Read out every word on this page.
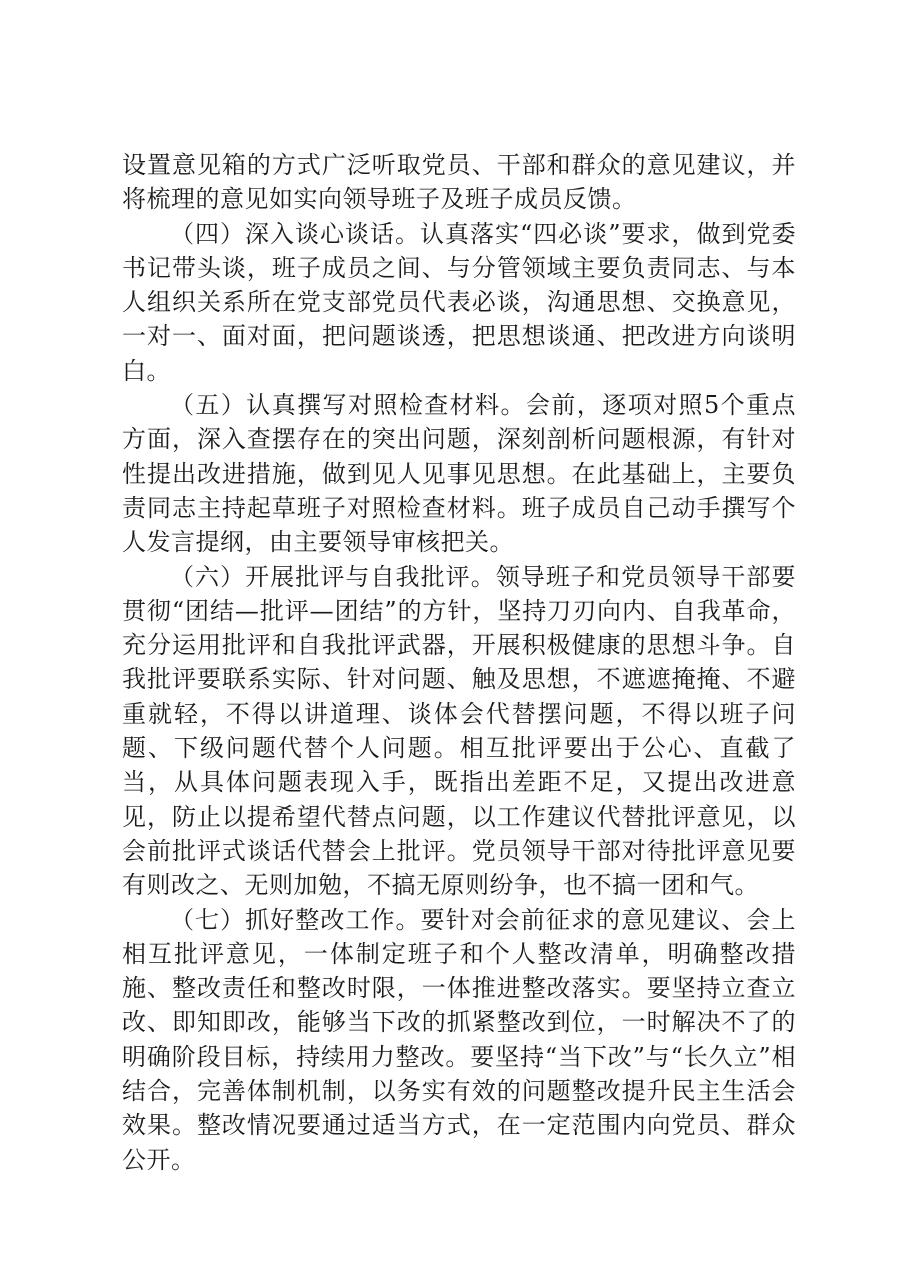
设置意见箱的方式广泛听取党员、干部和群众的意见建议，并将梳理的意见如实向领导班子及班子成员反馈。

（四）深入谈心谈话。认真落实“四必谈”要求，做到党委书记带头谈，班子成员之间、与分管领域主要负责同志、与本人组织关系所在党支部党员代表必谈，沟通思想、交换意见，一对一、面对面，把问题谈透，把思想谈通、把改进方向谈明白。

（五）认真撰写对照检查材料。会前，逐项对照5个重点方面，深入查摆存在的突出问题，深刻剖析问题根源，有针对性提出改进措施，做到见人见事见思想。在此基础上，主要负责同志主持起草班子对照检查材料。班子成员自己动手撰写个人发言提纲，由主要领导审核把关。

（六）开展批评与自我批评。领导班子和党员领导干部要贯彻“团结—批评—团结”的方针，坚持刀刃向内、自我革命，充分运用批评和自我批评武器，开展积极健康的思想斗争。自我批评要联系实际、针对问题、触及思想，不遮遮掩掩、不避重就轻，不得以讲道理、谈体会代替摆问题，不得以班子问题、下级问题代替个人问题。相互批评要出于公心、直截了当，从具体问题表现入手，既指出差距不足，又提出改进意见，防止以提希望代替点问题，以工作建议代替批评意见，以会前批评式谈话代替会上批评。党员领导干部对待批评意见要有则改之、无则加勉，不搞无原则纷争，也不搞一团和气。

（七）抓好整改工作。要针对会前征求的意见建议、会上相互批评意见，一体制定班子和个人整改清单，明确整改措施、整改责任和整改时限，一体推进整改落实。要坚持立查立改、即知即改，能够当下改的抓紧整改到位，一时解决不了的明确阶段目标，持续用力整改。要坚持“当下改”与“长久立”相结合，完善体制机制，以务实有效的问题整改提升民主生活会效果。整改情况要通过适当方式，在一定范围内向党员、群众公开。
